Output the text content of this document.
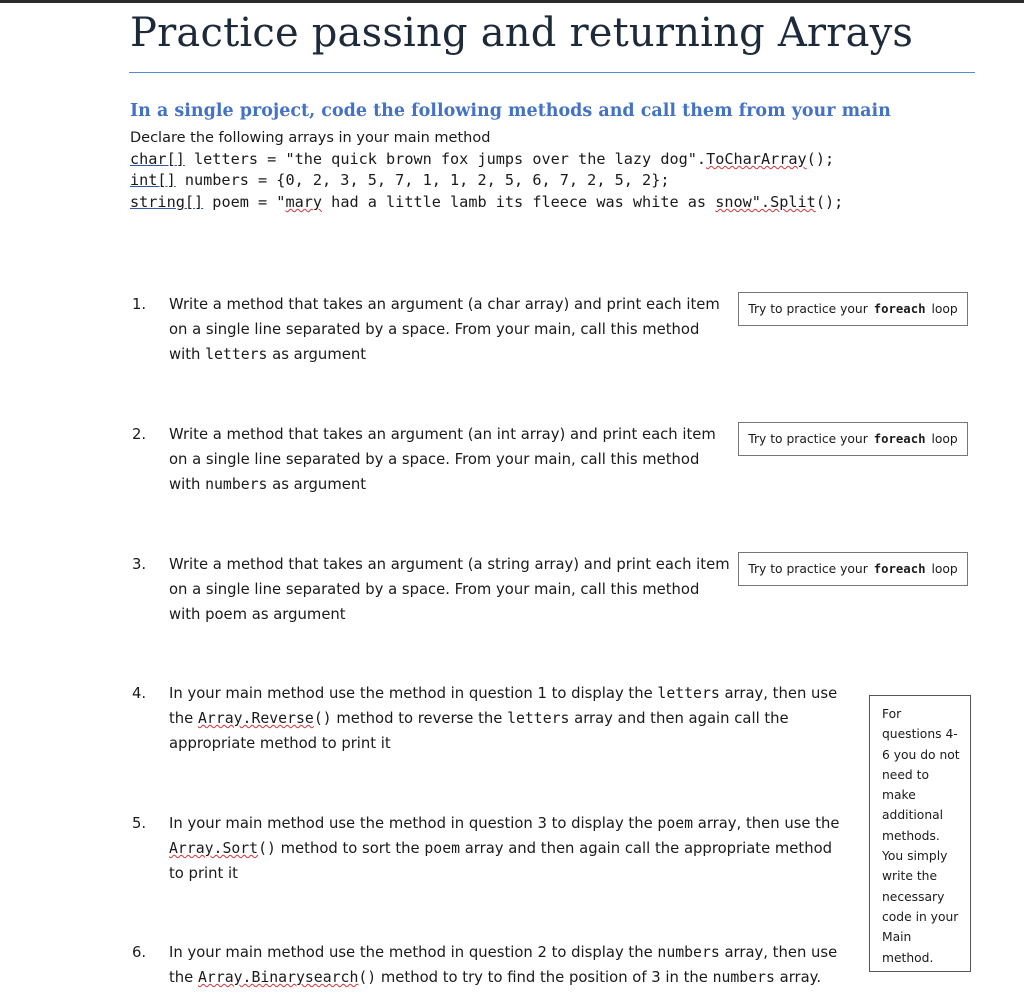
Practice passing and returning Arrays
In a single project, code the following methods and call them from your main
Declare the following arrays in your main method
char[] letters = "the quick brown fox jumps over the lazy dog".ToCharArray();
int[] numbers = {0, 2, 3, 5, 7, 1, 1, 2, 5, 6, 7, 2, 5, 2};
string[] poem = "mary had a little lamb its fleece was white as snow".Split();
1.	Write a method that takes an argument (a char array) and print each item
on a single line separated by a space. From your main, call this method
with letters as argument
Try to practice your
foreach
loop
2.	Write a method that takes an argument (an int array) and print each item
on a single line separated by a space. From your main, call this method
with numbers as argument
Try to practice your
foreach
loop
3.	Write a method that takes an argument (a string array) and print each item
on a single line separated by a space. From your main, call this method
with poem as argument
Try to practice your
foreach
loop
4.	In your main method use the method in question 1 to display the letters array, then use
the Array.Reverse() method to reverse the letters array and then again call the
appropriate method to print it
5.	In your main method use the method in question 3 to display the poem array, then use the
Array.Sort() method to sort the poem array and then again call the appropriate method
to print it
6.	In your main method use the method in question 2 to display the numbers array, then use
the Array.Binarysearch() method to try to find the position of 3 in the numbers array.
For
questions 4-
6 you do not
need to
make
additional
methods.
You simply
write the
necessary
code in your
Main
method.
